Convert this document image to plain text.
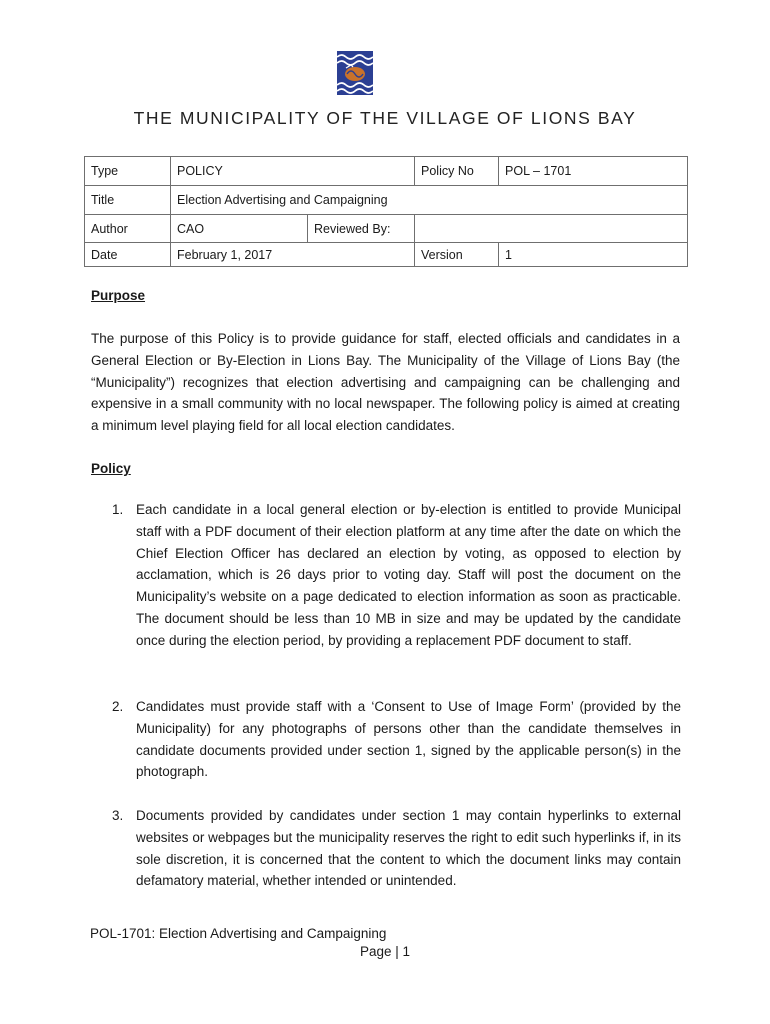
THE MUNICIPALITY OF THE VILLAGE OF LIONS BAY
Type	POLICY		Policy No	POL – 1701
Title	Election Advertising and Campaigning			
Author	CAO	Reviewed By:		
Date	February 1, 2017		Version	1
Purpose

The purpose of this Policy is to provide guidance for staff, elected officials and candidates in a General Election or By-Election in Lions Bay. The Municipality of the Village of Lions Bay (the “Municipality”) recognizes that election advertising and campaigning can be challenging and expensive in a small community with no local newspaper. The following policy is aimed at creating a minimum level playing field for all local election candidates.

Policy
1. Each candidate in a local general election or by-election is entitled to provide Municipal staff with a PDF document of their election platform at any time after the date on which the Chief Election Officer has declared an election by voting, as opposed to election by acclamation, which is 26 days prior to voting day. Staff will post the document on the Municipality’s website on a page dedicated to election information as soon as practicable. The document should be less than 10 MB in size and may be updated by the candidate once during the election period, by providing a replacement PDF document to staff.
2. Candidates must provide staff with a ‘Consent to Use of Image Form’ (provided by the Municipality) for any photographs of persons other than the candidate themselves in candidate documents provided under section 1, signed by the applicable person(s) in the photograph.
3. Documents provided by candidates under section 1 may contain hyperlinks to external websites or webpages but the municipality reserves the right to edit such hyperlinks if, in its sole discretion, it is concerned that the content to which the document links may contain defamatory material, whether intended or unintended.
POL-1701: Election Advertising and Campaigning
Page | 1
